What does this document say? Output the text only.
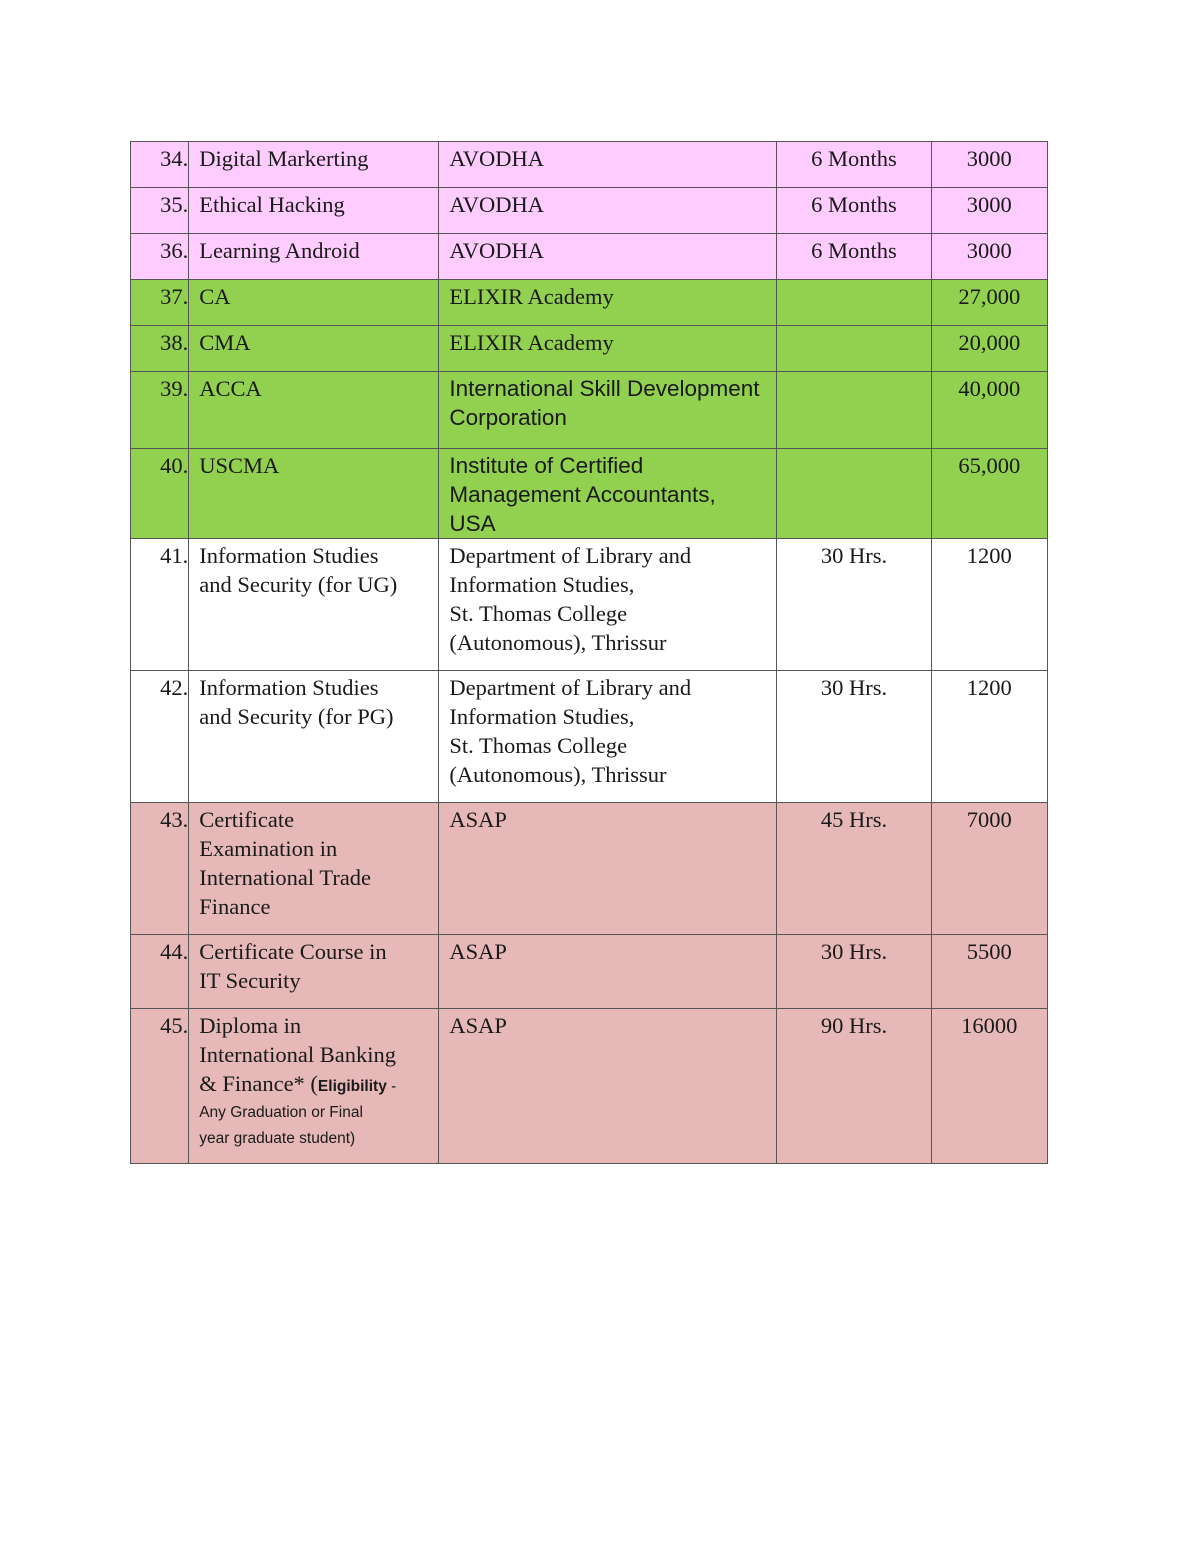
34.	Digital Markerting	AVODHA	6 Months	3000
35.	Ethical Hacking	AVODHA	6 Months	3000
36.	Learning Android	AVODHA	6 Months	3000
37.	CA	ELIXIR Academy		27,000
38.	CMA	ELIXIR Academy		20,000
39.	ACCA	International Skill Development
Corporation		40,000
40.	USCMA	Institute of Certified
Management Accountants, USA		65,000
41.	Information Studies
and Security (for UG)	Department of Library and
Information Studies,
St. Thomas College
(Autonomous), Thrissur	30 Hrs.	1200
42.	Information Studies
and Security (for PG)	Department of Library and
Information Studies,
St. Thomas College
(Autonomous), Thrissur	30 Hrs.	1200
43.	Certificate
Examination in
International Trade
Finance	ASAP	45 Hrs.	7000
44.	Certificate Course in
IT Security	ASAP	30 Hrs.	5500
45.	Diploma in
International Banking
& Finance* (Eligibility -
Any Graduation or Final
year graduate student)	ASAP	90 Hrs.	16000
